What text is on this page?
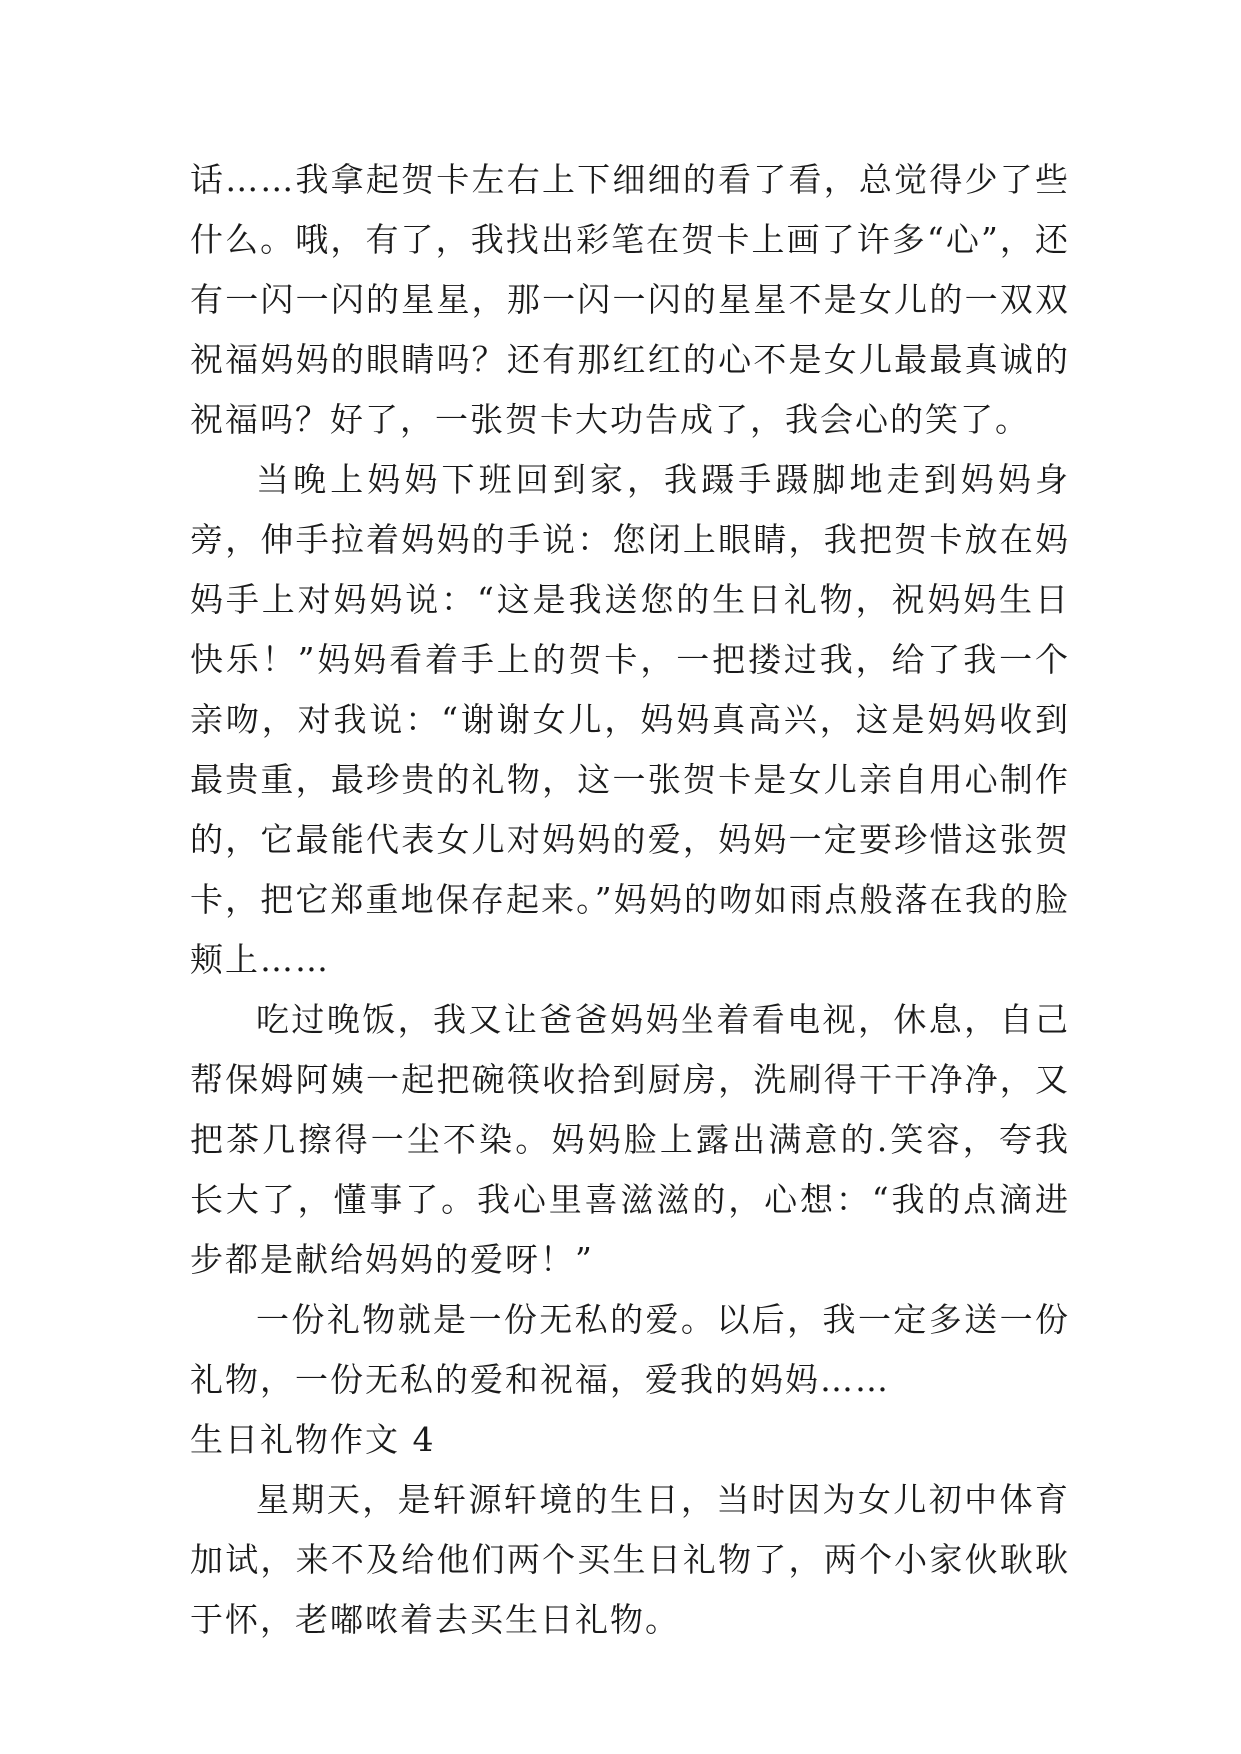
话……我拿起贺卡左右上下细细的看了看，总觉得少了些什么。哦，有了，我找出彩笔在贺卡上画了许多“心”，还有一闪一闪的星星，那一闪一闪的星星不是女儿的一双双祝福妈妈的眼睛吗？还有那红红的心不是女儿最最真诚的祝福吗？好了，一张贺卡大功告成了，我会心的笑了。

当晚上妈妈下班回到家，我蹑手蹑脚地走到妈妈身旁，伸手拉着妈妈的手说：您闭上眼睛，我把贺卡放在妈妈手上对妈妈说：“这是我送您的生日礼物，祝妈妈生日快乐！”妈妈看着手上的贺卡，一把搂过我，给了我一个亲吻，对我说：“谢谢女儿，妈妈真高兴，这是妈妈收到最贵重，最珍贵的礼物，这一张贺卡是女儿亲自用心制作的，它最能代表女儿对妈妈的爱，妈妈一定要珍惜这张贺卡，把它郑重地保存起来。”妈妈的吻如雨点般落在我的脸颊上……

吃过晚饭，我又让爸爸妈妈坐着看电视，休息，自己帮保姆阿姨一起把碗筷收拾到厨房，洗刷得干干净净，又把茶几擦得一尘不染。妈妈脸上露出满意的.笑容，夸我长大了，懂事了。我心里喜滋滋的，心想：“我的点滴进步都是献给妈妈的爱呀！”

一份礼物就是一份无私的爱。以后，我一定多送一份礼物，一份无私的爱和祝福，爱我的妈妈……

生日礼物作文 4

星期天，是轩源轩境的生日，当时因为女儿初中体育加试，来不及给他们两个买生日礼物了，两个小家伙耿耿于怀，老嘟哝着去买生日礼物。
